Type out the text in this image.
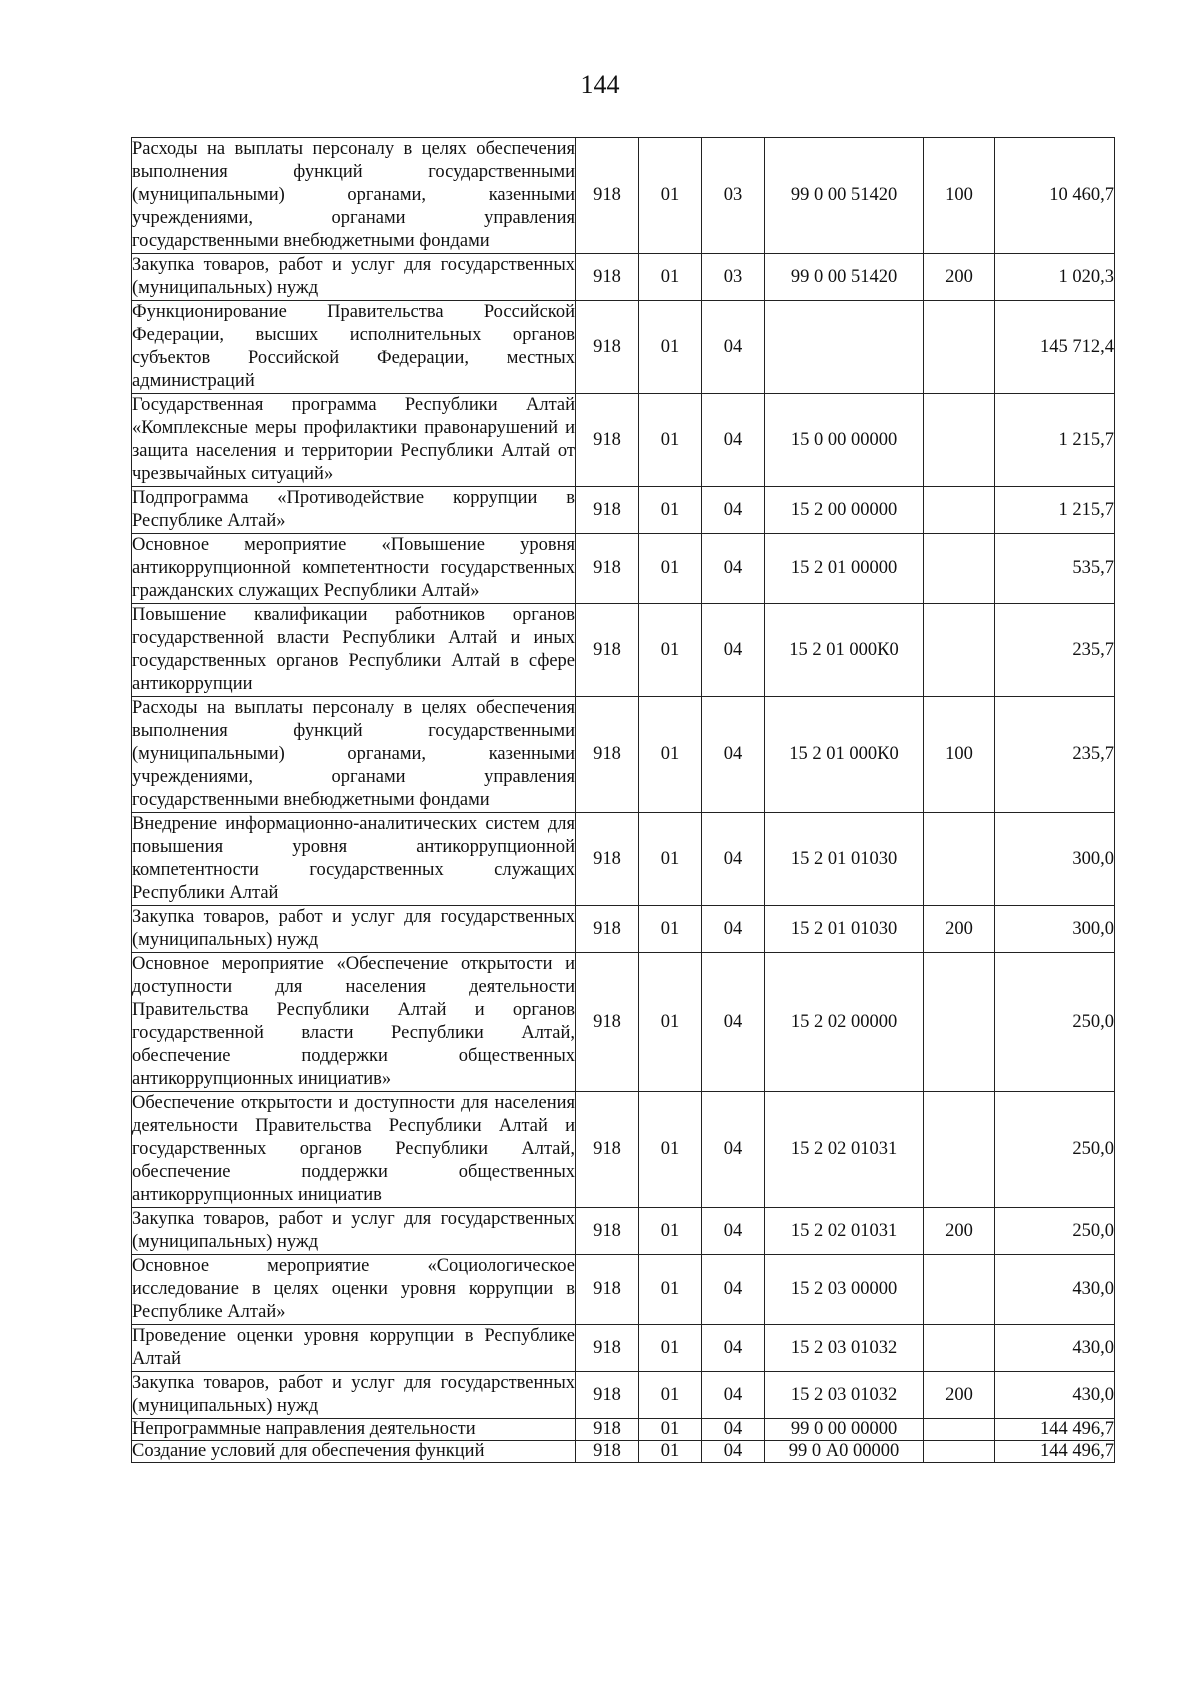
144
Расходы на выплаты персоналу в целях обеспечения выполнения функций государственными (муниципальными) органами, казенными учреждениями, органами управления государственными внебюджетными фондами	918	01	03	99 0 00 51420	100	10 460,7
Закупка товаров, работ и услуг для государственных (муниципальных) нужд	918	01	03	99 0 00 51420	200	1 020,3
Функционирование Правительства Российской Федерации, высших исполнительных органов субъектов Российской Федерации, местных администраций	918	01	04			145 712,4
Государственная программа Республики Алтай «Комплексные меры профилактики правонарушений и защита населения и территории Республики Алтай от чрезвычайных ситуаций»	918	01	04	15 0 00 00000		1 215,7
Подпрограмма «Противодействие коррупции в Республике Алтай»	918	01	04	15 2 00 00000		1 215,7
Основное мероприятие «Повышение уровня антикоррупционной компетентности государственных гражданских служащих Республики Алтай»	918	01	04	15 2 01 00000		535,7
Повышение квалификации работников органов государственной власти Республики Алтай и иных государственных органов Республики Алтай в сфере антикоррупции	918	01	04	15 2 01 000К0		235,7
Расходы на выплаты персоналу в целях обеспечения выполнения функций государственными (муниципальными) органами, казенными учреждениями, органами управления государственными внебюджетными фондами	918	01	04	15 2 01 000К0	100	235,7
Внедрение информационно-аналитических систем для повышения уровня антикоррупционной компетентности государственных служащих Республики Алтай	918	01	04	15 2 01 01030		300,0
Закупка товаров, работ и услуг для государственных (муниципальных) нужд	918	01	04	15 2 01 01030	200	300,0
Основное мероприятие «Обеспечение открытости и доступности для населения деятельности Правительства Республики Алтай и органов государственной власти Республики Алтай, обеспечение поддержки общественных антикоррупционных инициатив»	918	01	04	15 2 02 00000		250,0
Обеспечение открытости и доступности для населения деятельности Правительства Республики Алтай и государственных органов Республики Алтай, обеспечение поддержки общественных антикоррупционных инициатив	918	01	04	15 2 02 01031		250,0
Закупка товаров, работ и услуг для государственных (муниципальных) нужд	918	01	04	15 2 02 01031	200	250,0
Основное мероприятие «Социологическое исследование в целях оценки уровня коррупции в Республике Алтай»	918	01	04	15 2 03 00000		430,0
Проведение оценки уровня коррупции в Республике Алтай	918	01	04	15 2 03 01032		430,0
Закупка товаров, работ и услуг для государственных (муниципальных) нужд	918	01	04	15 2 03 01032	200	430,0
Непрограммные направления деятельности	918	01	04	99 0 00 00000		144 496,7
Создание условий для обеспечения функций	918	01	04	99 0 А0 00000		144 496,7
